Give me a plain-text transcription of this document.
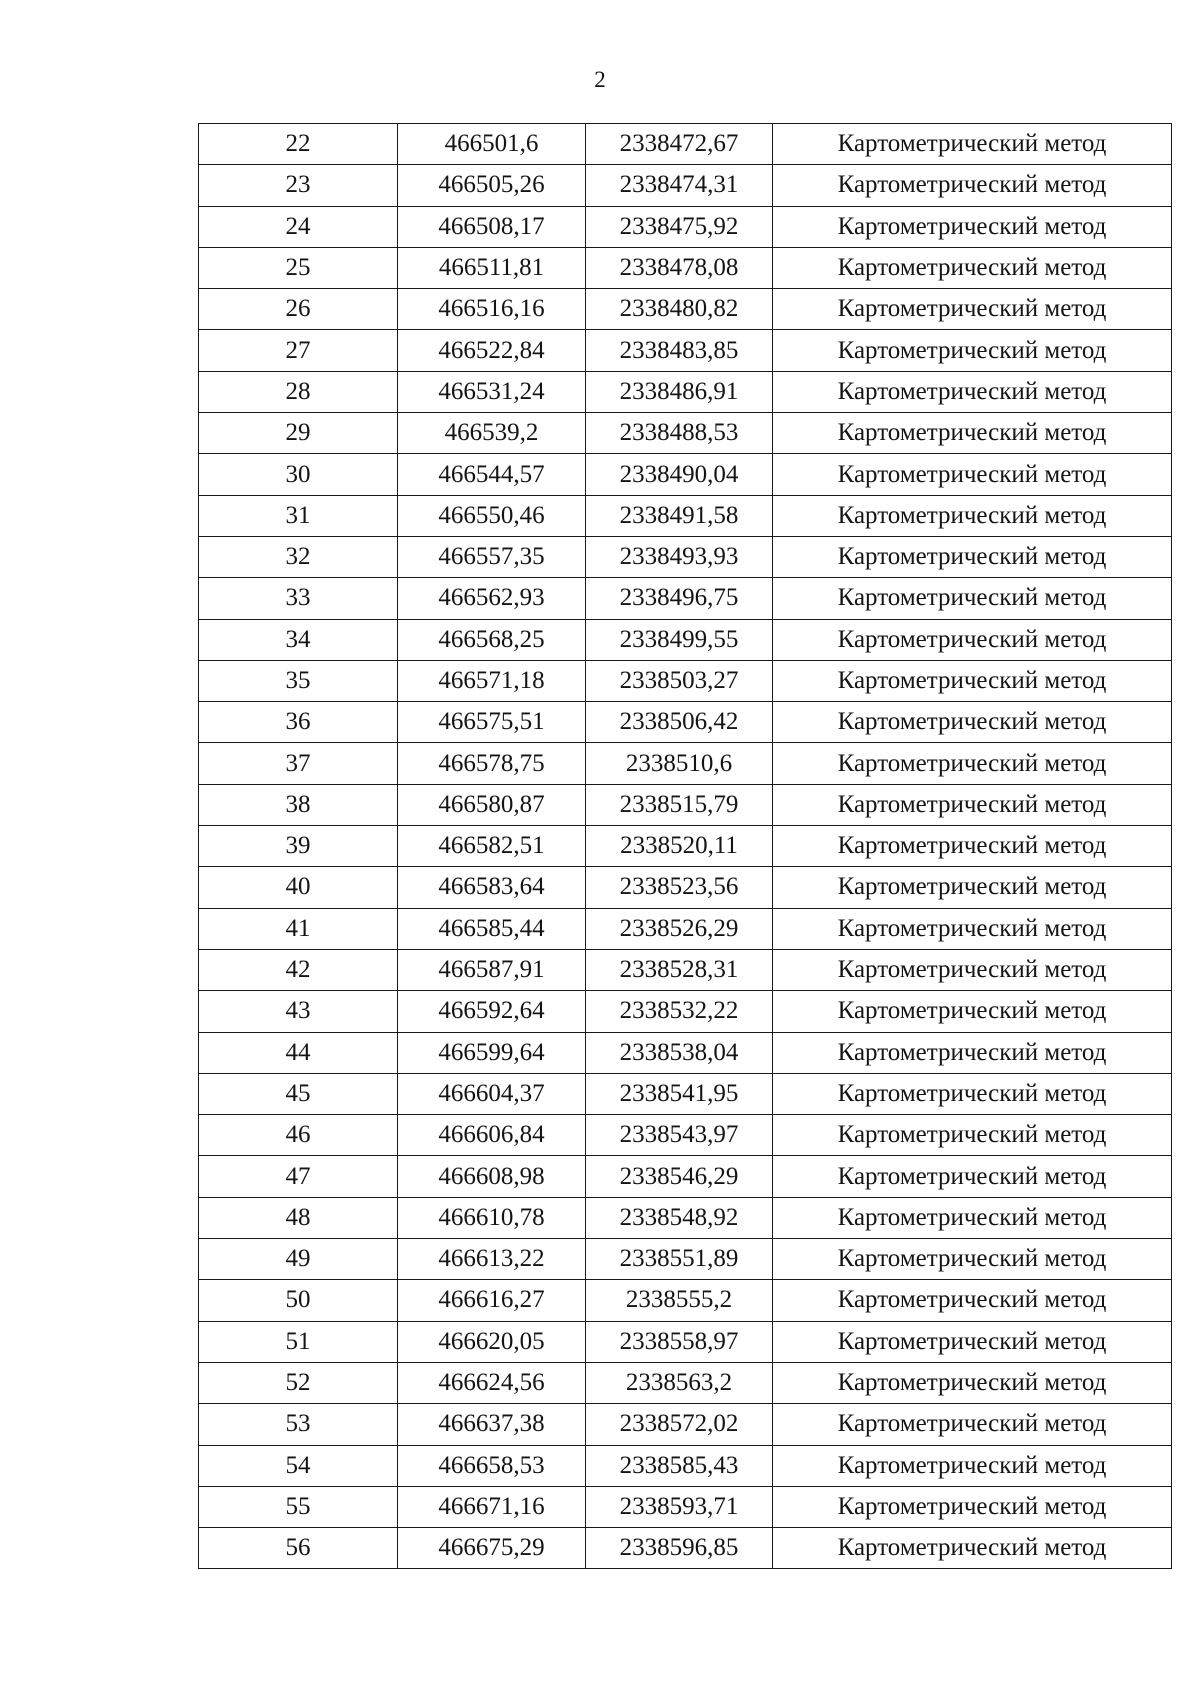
2
22	466501,6	2338472,67	Картометрический метод
23	466505,26	2338474,31	Картометрический метод
24	466508,17	2338475,92	Картометрический метод
25	466511,81	2338478,08	Картометрический метод
26	466516,16	2338480,82	Картометрический метод
27	466522,84	2338483,85	Картометрический метод
28	466531,24	2338486,91	Картометрический метод
29	466539,2	2338488,53	Картометрический метод
30	466544,57	2338490,04	Картометрический метод
31	466550,46	2338491,58	Картометрический метод
32	466557,35	2338493,93	Картометрический метод
33	466562,93	2338496,75	Картометрический метод
34	466568,25	2338499,55	Картометрический метод
35	466571,18	2338503,27	Картометрический метод
36	466575,51	2338506,42	Картометрический метод
37	466578,75	2338510,6	Картометрический метод
38	466580,87	2338515,79	Картометрический метод
39	466582,51	2338520,11	Картометрический метод
40	466583,64	2338523,56	Картометрический метод
41	466585,44	2338526,29	Картометрический метод
42	466587,91	2338528,31	Картометрический метод
43	466592,64	2338532,22	Картометрический метод
44	466599,64	2338538,04	Картометрический метод
45	466604,37	2338541,95	Картометрический метод
46	466606,84	2338543,97	Картометрический метод
47	466608,98	2338546,29	Картометрический метод
48	466610,78	2338548,92	Картометрический метод
49	466613,22	2338551,89	Картометрический метод
50	466616,27	2338555,2	Картометрический метод
51	466620,05	2338558,97	Картометрический метод
52	466624,56	2338563,2	Картометрический метод
53	466637,38	2338572,02	Картометрический метод
54	466658,53	2338585,43	Картометрический метод
55	466671,16	2338593,71	Картометрический метод
56	466675,29	2338596,85	Картометрический метод
